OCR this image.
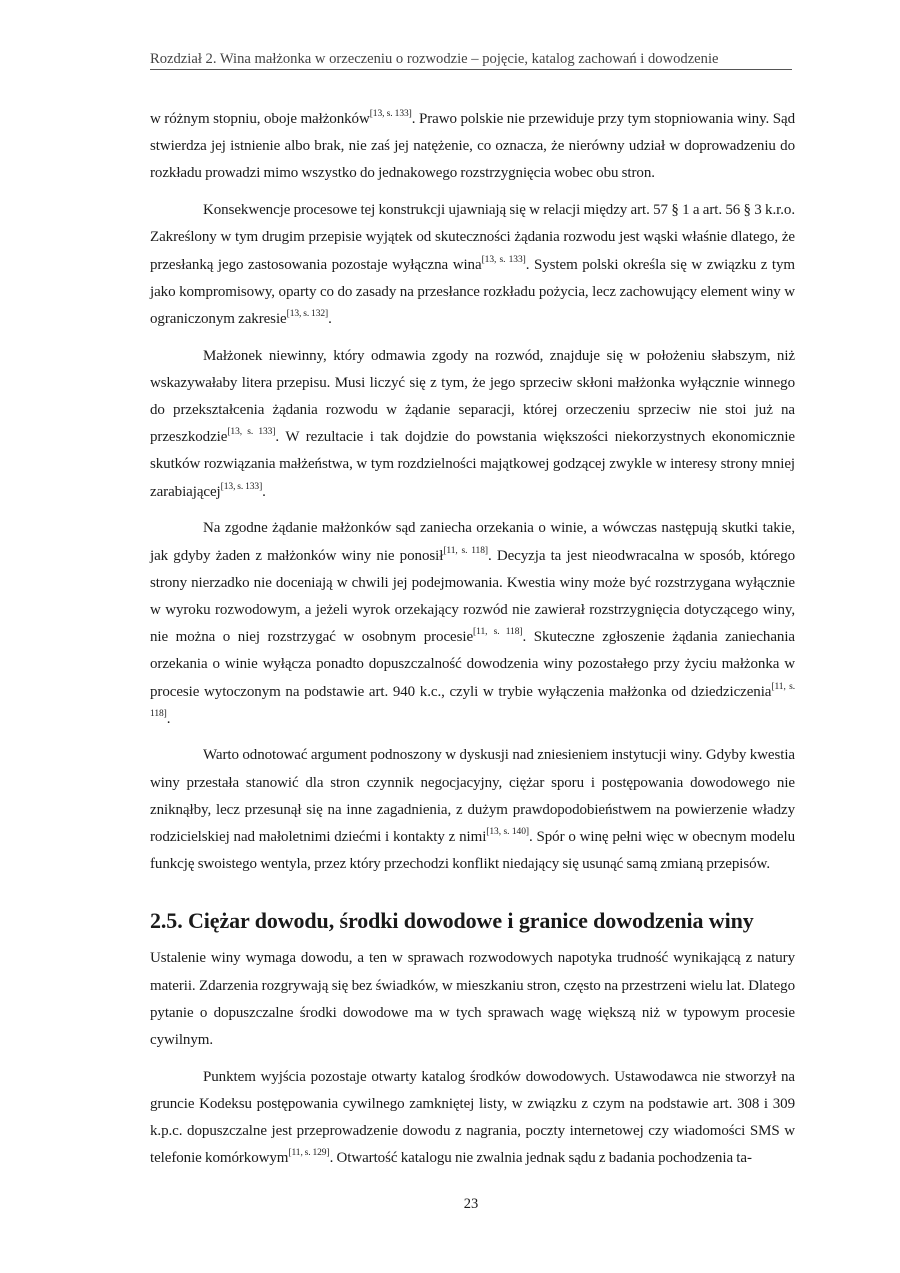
Rozdział 2. Wina małżonka w orzeczeniu o rozwodzie – pojęcie, katalog zachowań i dowodzenie

w różnym stopniu, oboje małżonków[13, s. 133]. Prawo polskie nie przewiduje przy tym stopniowania winy. Sąd stwierdza jej istnienie albo brak, nie zaś jej natężenie, co oznacza, że nierówny udział w doprowadzeniu do rozkładu prowadzi mimo wszystko do jednakowego rozstrzygnięcia wobec obu stron.

Konsekwencje procesowe tej konstrukcji ujawniają się w relacji między art. 57 § 1 a art. 56 § 3 k.r.o. Zakreślony w tym drugim przepisie wyjątek od skuteczności żądania rozwodu jest wąski właśnie dlatego, że przesłanką jego zastosowania pozostaje wyłączna wina[13, s. 133]. System polski określa się w związku z tym jako kompromisowy, oparty co do zasady na przesłance rozkładu pożycia, lecz zachowujący element winy w ograniczonym zakresie[13, s. 132].

Małżonek niewinny, który odmawia zgody na rozwód, znajduje się w położeniu słabszym, niż wskazywałaby litera przepisu. Musi liczyć się z tym, że jego sprzeciw skłoni małżonka wyłącznie winnego do przekształcenia żądania rozwodu w żądanie separacji, której orzeczeniu sprzeciw nie stoi już na przeszkodzie[13, s. 133]. W rezultacie i tak dojdzie do powstania większości niekorzystnych ekonomicznie skutków rozwiązania małżeństwa, w tym rozdzielności majątkowej godzącej zwykle w interesy strony mniej zarabiającej[13, s. 133].

Na zgodne żądanie małżonków sąd zaniecha orzekania o winie, a wówczas następują skutki takie, jak gdyby żaden z małżonków winy nie ponosił[11, s. 118]. Decyzja ta jest nieodwracalna w sposób, którego strony nierzadko nie doceniają w chwili jej podejmowania. Kwestia winy może być rozstrzygana wyłącznie w wyroku rozwodowym, a jeżeli wyrok orzekający rozwód nie zawierał rozstrzygnięcia dotyczącego winy, nie można o niej rozstrzygać w osobnym procesie[11, s. 118]. Skuteczne zgłoszenie żądania zaniechania orzekania o winie wyłącza ponadto dopuszczalność dowodzenia winy pozostałego przy życiu małżonka w procesie wytoczonym na podstawie art. 940 k.c., czyli w trybie wyłączenia małżonka od dziedziczenia[11, s. 118].

Warto odnotować argument podnoszony w dyskusji nad zniesieniem instytucji winy. Gdyby kwestia winy przestała stanowić dla stron czynnik negocjacyjny, ciężar sporu i postępowania dowodowego nie zniknąłby, lecz przesunął się na inne zagadnienia, z dużym prawdopodobieństwem na powierzenie władzy rodzicielskiej nad małoletnimi dziećmi i kontakty z nimi[13, s. 140]. Spór o winę pełni więc w obecnym modelu funkcję swoistego wentyla, przez który przechodzi konflikt niedający się usunąć samą zmianą przepisów.

2.5. Ciężar dowodu, środki dowodowe i granice dowodzenia winy

Ustalenie winy wymaga dowodu, a ten w sprawach rozwodowych napotyka trudność wynikającą z natury materii. Zdarzenia rozgrywają się bez świadków, w mieszkaniu stron, często na przestrzeni wielu lat. Dlatego pytanie o dopuszczalne środki dowodowe ma w tych sprawach wagę większą niż w typowym procesie cywilnym.

Punktem wyjścia pozostaje otwarty katalog środków dowodowych. Ustawodawca nie stworzył na gruncie Kodeksu postępowania cywilnego zamkniętej listy, w związku z czym na podstawie art. 308 i 309 k.p.c. dopuszczalne jest przeprowadzenie dowodu z nagrania, poczty internetowej czy wiadomości SMS w telefonie komórkowym[11, s. 129]. Otwartość katalogu nie zwalnia jednak sądu z badania pochodzenia ta-

23
